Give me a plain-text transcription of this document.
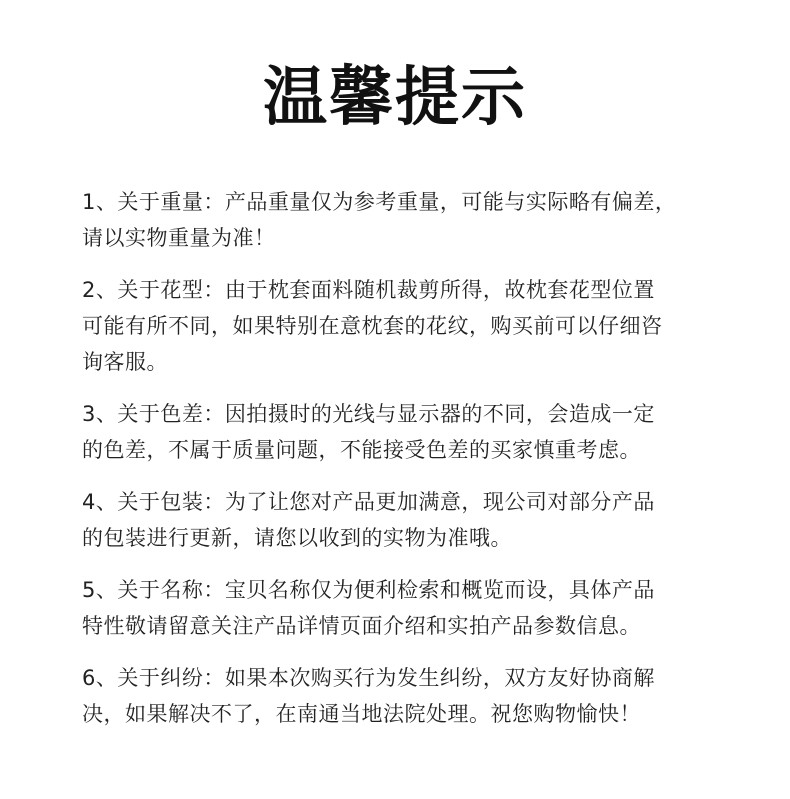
温馨提示
1、关于重量：产品重量仅为参考重量，可能与实际略有偏差，
请以实物重量为准！
2、关于花型：由于枕套面料随机裁剪所得，故枕套花型位置
可能有所不同，如果特别在意枕套的花纹，购买前可以仔细咨
询客服。
3、关于色差：因拍摄时的光线与显示器的不同，会造成一定
的色差，不属于质量问题，不能接受色差的买家慎重考虑。
4、关于包装：为了让您对产品更加满意，现公司对部分产品
的包装进行更新，请您以收到的实物为准哦。
5、关于名称：宝贝名称仅为便利检索和概览而设，具体产品
特性敬请留意关注产品详情页面介绍和实拍产品参数信息。
6、关于纠纷：如果本次购买行为发生纠纷，双方友好协商解
决，如果解决不了，在南通当地法院处理。祝您购物愉快！
